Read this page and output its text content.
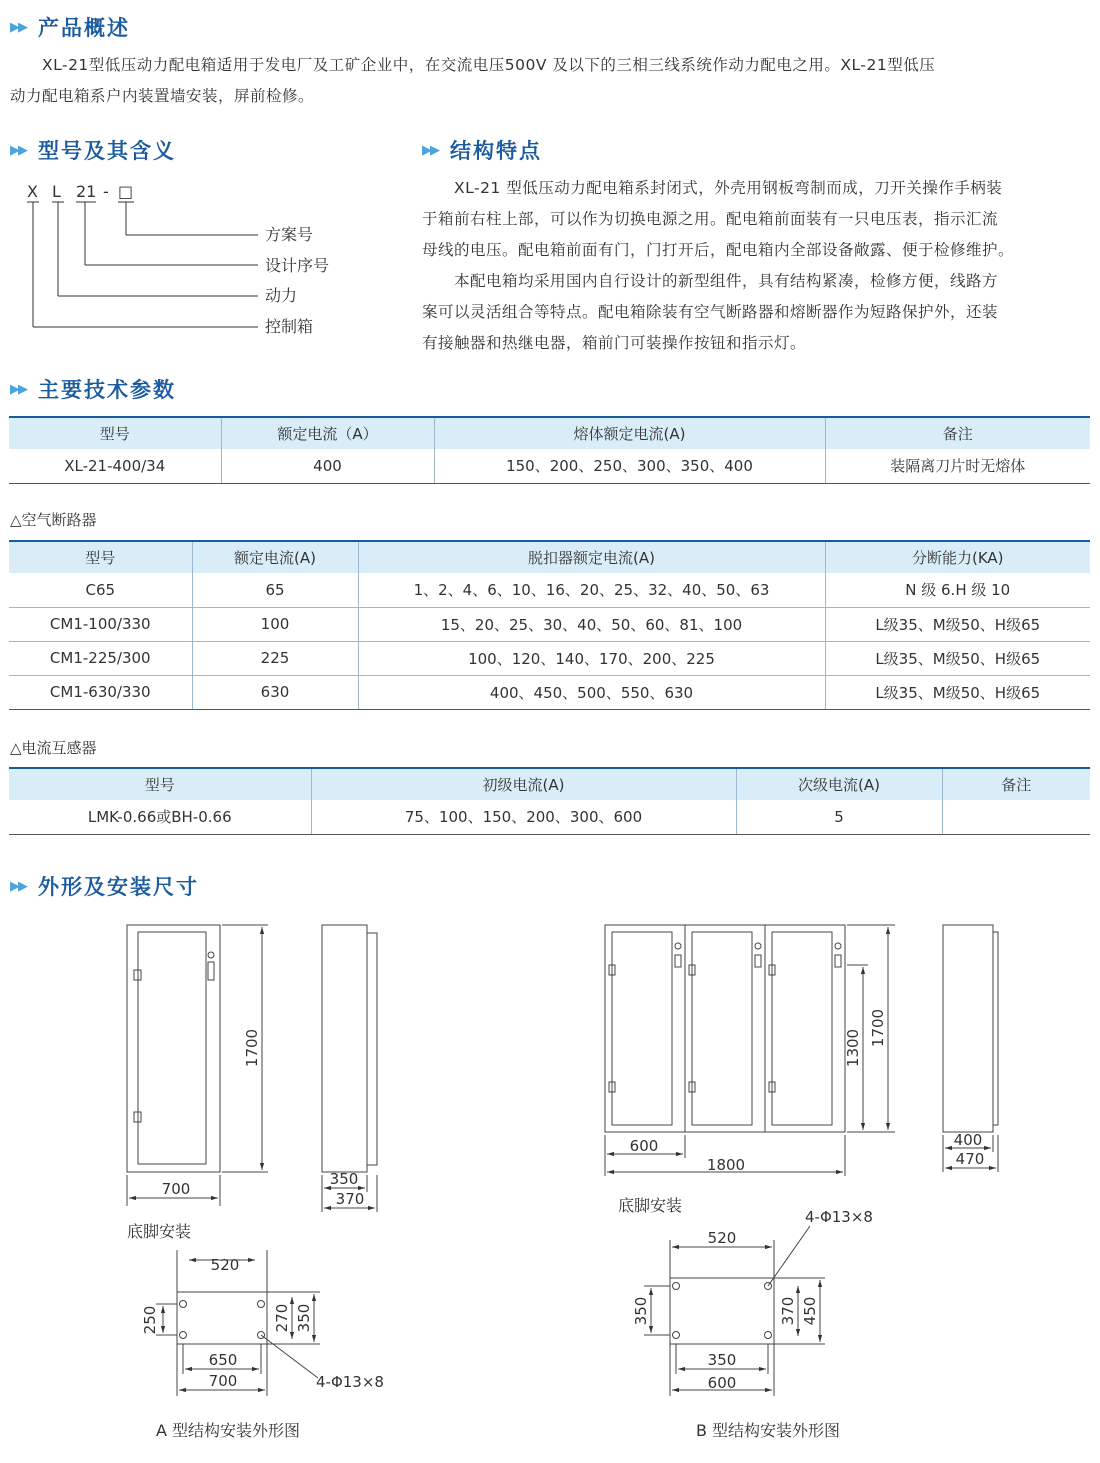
▶▶ 产品概述

XL-21型低压动力配电箱适用于发电厂及工矿企业中，在交流电压500V 及以下的三相三线系统作动力配电之用。XL-21型低压

动力配电箱系户内装置墙安装，屏前检修。

▶▶ 型号及其含义
X L 21 - □
方案号
设计序号
动力
控制箱
▶▶ 结构特点

XL-21 型低压动力配电箱系封闭式，外壳用钢板弯制而成，刀开关操作手柄装

于箱前右柱上部，可以作为切换电源之用。配电箱前面装有一只电压表，指示汇流

母线的电压。配电箱前面有门，门打开后，配电箱内全部设备敞露、便于检修维护。

本配电箱均采用国内自行设计的新型组件，具有结构紧凑，检修方便，线路方

案可以灵活组合等特点。配电箱除装有空气断路器和熔断器作为短路保护外，还装

有接触器和热继电器，箱前门可装操作按钮和指示灯。

▶▶ 主要技术参数
型号	额定电流（A）	熔体额定电流(A)	备注
XL-21-400/34	400	150、200、250、300、350、400	装隔离刀片时无熔体
△空气断路器
型号	额定电流(A)	脱扣器额定电流(A)	分断能力(KA)
C65	65	1、2、4、6、10、16、20、25、32、40、50、63	N 级 6.H 级 10
CM1-100/330	100	15、20、25、30、40、50、60、81、100	L级35、M级50、H级65
CM1-225/300	225	100、120、140、170、200、225	L级35、M级50、H级65
CM1-630/330	630	400、450、500、550、630	L级35、M级50、H级65
△电流互感器
型号	初级电流(A)	次级电流(A)	备注
LMK-0.66或BH-0.66	75、100、150、200、300、600	5	
▶▶ 外形及安装尺寸
1700
700
350
370
底脚安装
520
250	270 350
650
700	4-Φ13×8
A 型结构安装外形图
1300
1700
600
1800
400
470
底脚安装
4-Φ13×8
520
350	370 450
350
600
B 型结构安装外形图
